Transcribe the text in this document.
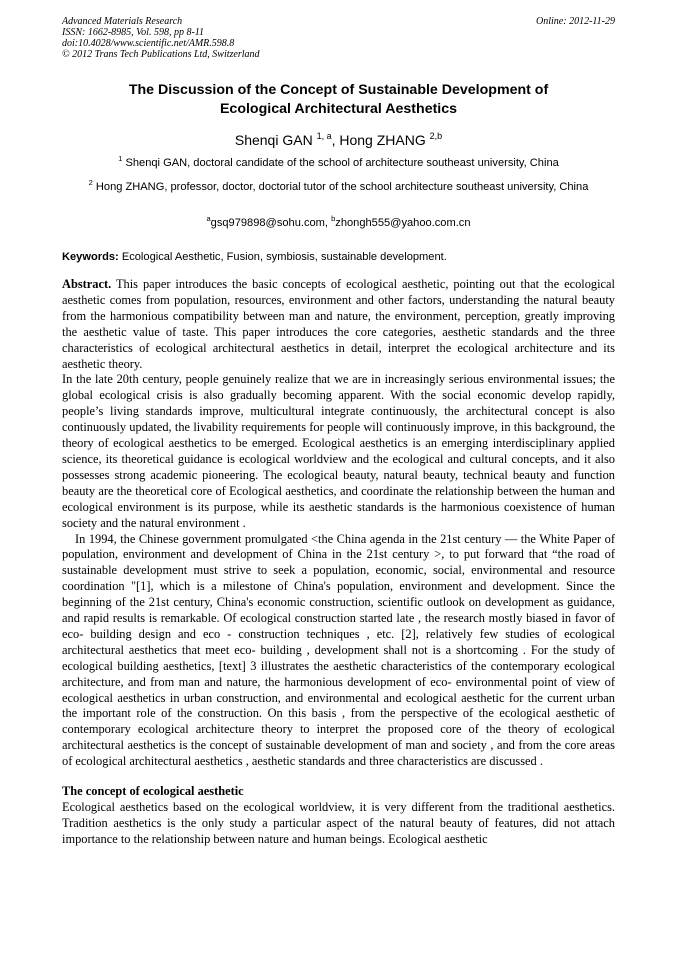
Advanced Materials Research	Online: 2012-11-29
ISSN: 1662-8985, Vol. 598, pp 8-11
doi:10.4028/www.scientific.net/AMR.598.8
© 2012 Trans Tech Publications Ltd, Switzerland
The Discussion of the Concept of Sustainable Development of
Ecological Architectural Aesthetics
Shenqi GAN $^{1, a}$, Hong ZHANG $^{2,b}$
$^1$ Shenqi GAN, doctoral candidate of the school of architecture southeast university, China
$^2$ Hong ZHANG, professor, doctor, doctorial tutor of the school architecture southeast university, China
$^a$gsq979898@sohu.com, $^b$zhongh555@yahoo.com.cn
Keywords: Ecological Aesthetic, Fusion, symbiosis, sustainable development.

Abstract. This paper introduces the basic concepts of ecological aesthetic, pointing out that the ecological aesthetic comes from population, resources, environment and other factors, understanding the natural beauty from the harmonious compatibility between man and nature, the environment, perception, greatly improving the aesthetic value of taste. This paper introduces the core categories, aesthetic standards and the three characteristics of ecological architectural aesthetics in detail, interpret the ecological architecture and its aesthetic theory.

In the late 20th century, people genuinely realize that we are in increasingly serious environmental issues; the global ecological crisis is also gradually becoming apparent. With the social economic develop rapidly, people’s living standards improve, multicultural integrate continuously, the architectural concept is also continuously updated, the livability requirements for people will continuously improve, in this background, the theory of ecological aesthetics to be emerged. Ecological aesthetics is an emerging interdisciplinary applied science, its theoretical guidance is ecological worldview and the ecological and cultural concepts, and it also possesses strong academic pioneering. The ecological beauty, natural beauty, technical beauty and function beauty are the theoretical core of Ecological aesthetics, and coordinate the relationship between the human and ecological environment is its purpose, while its aesthetic standards is the harmonious coexistence of human society and the natural environment .

In 1994, the Chinese government promulgated <the China agenda in the 21st century — the White Paper of population, environment and development of China in the 21st century >, to put forward that “the road of sustainable development must strive to seek a population, economic, social, environmental and resource coordination "[1], which is a milestone of China's population, environment and development. Since the beginning of the 21st century, China's economic construction, scientific outlook on development as guidance, and rapid results is remarkable. Of ecological construction started late , the research mostly biased in favor of eco- building design and eco - construction techniques , etc. [2], relatively few studies of ecological architectural aesthetics that meet eco- building , development shall not is a shortcoming . For the study of ecological building aesthetics, [text] 3 illustrates the aesthetic characteristics of the contemporary ecological architecture, and from man and nature, the harmonious development of eco- environmental point of view of ecological aesthetics in urban construction, and environmental and ecological aesthetic for the current urban the important role of the construction. On this basis , from the perspective of the ecological aesthetic of contemporary ecological architecture theory to interpret the proposed core of the theory of ecological architectural aesthetics is the concept of sustainable development of man and society , and from the core areas of ecological architectural aesthetics , aesthetic standards and three characteristics are discussed .

The concept of ecological aesthetic

Ecological aesthetics based on the ecological worldview, it is very different from the traditional aesthetics. Tradition aesthetics is the only study a particular aspect of the natural beauty of features, did not attach importance to the relationship between nature and human beings. Ecological aesthetic
